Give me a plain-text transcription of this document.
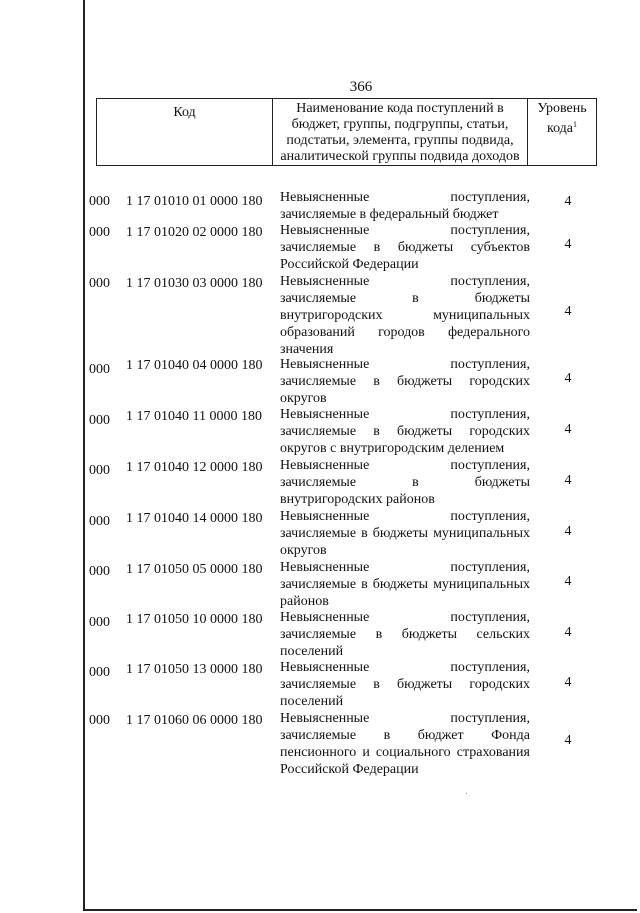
366
Код	Наименование кода поступлений в бюджет, группы, подгруппы, статьи, подстатьи, элемента, группы подвида, аналитической группы подвида доходов
Уровень кода$^1$
000	1 17 01010 01 0000 180	Невыясненные поступления, зачисляемые в федеральный бюджет
4
000	1 17 01020 02 0000 180	Невыясненные поступления, зачисляемые в бюджеты субъектов Российской Федерации
4
000	1 17 01030 03 0000 180	Невыясненные поступления, зачисляемые в бюджеты внутригородских муниципальных образований городов федерального значения
4
000	1 17 01040 04 0000 180	Невыясненные поступления, зачисляемые в бюджеты городских округов
4
000	1 17 01040 11 0000 180	Невыясненные поступления, зачисляемые в бюджеты городских округов с внутригородским делением
4
000	1 17 01040 12 0000 180	Невыясненные поступления, зачисляемые в бюджеты внутригородских районов
4
000	1 17 01040 14 0000 180	Невыясненные поступления, зачисляемые в бюджеты муниципальных округов
4
000	1 17 01050 05 0000 180	Невыясненные поступления, зачисляемые в бюджеты муниципальных районов
4
000	1 17 01050 10 0000 180	Невыясненные поступления, зачисляемые в бюджеты сельских поселений
4
000	1 17 01050 13 0000 180	Невыясненные поступления, зачисляемые в бюджеты городских поселений
4
000	1 17 01060 06 0000 180	Невыясненные поступления, зачисляемые в бюджет Фонда пенсионного и социального страхования Российской Федерации
4
